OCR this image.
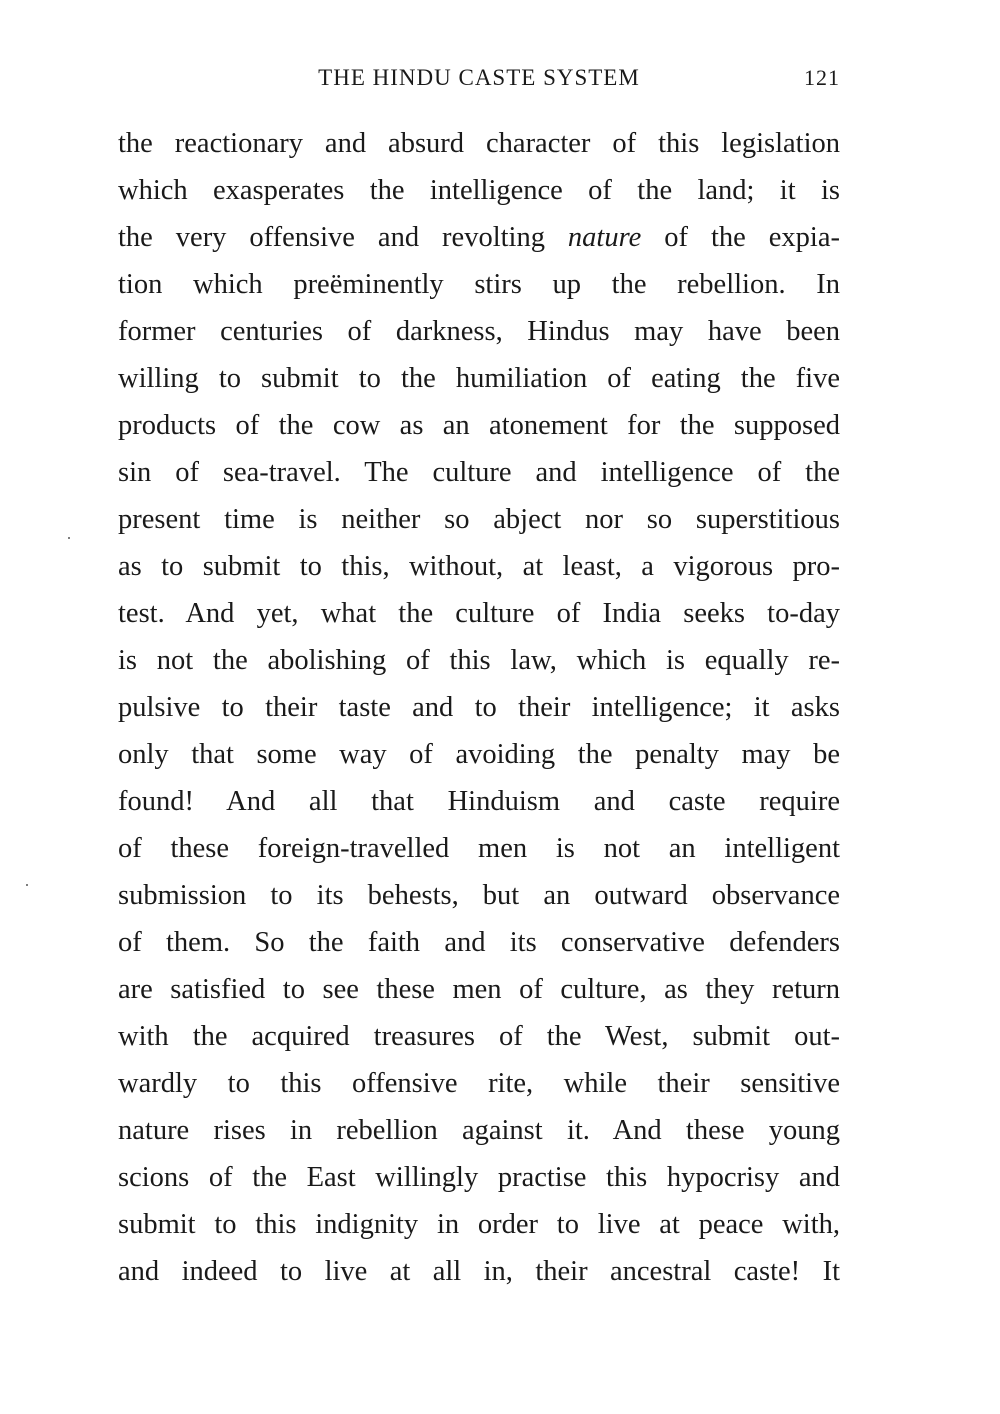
THE HINDU CASTE SYSTEM	121
the reactionary and absurd character of this legislation
which exasperates the intelligence of the land; it is
the very offensive and revolting nature of the expia-
tion which preëminently stirs up the rebellion. In
former centuries of darkness, Hindus may have been
willing to submit to the humiliation of eating the five
products of the cow as an atonement for the supposed
sin of sea-travel. The culture and intelligence of the
present time is neither so abject nor so superstitious
as to submit to this, without, at least, a vigorous pro-
test. And yet, what the culture of India seeks to-day
is not the abolishing of this law, which is equally re-
pulsive to their taste and to their intelligence; it asks
only that some way of avoiding the penalty may be
found! And all that Hinduism and caste require
of these foreign-travelled men is not an intelligent
submission to its behests, but an outward observance
of them. So the faith and its conservative defenders
are satisfied to see these men of culture, as they return
with the acquired treasures of the West, submit out-
wardly to this offensive rite, while their sensitive
nature rises in rebellion against it. And these young
scions of the East willingly practise this hypocrisy and
submit to this indignity in order to live at peace with,
and indeed to live at all in, their ancestral caste! It
